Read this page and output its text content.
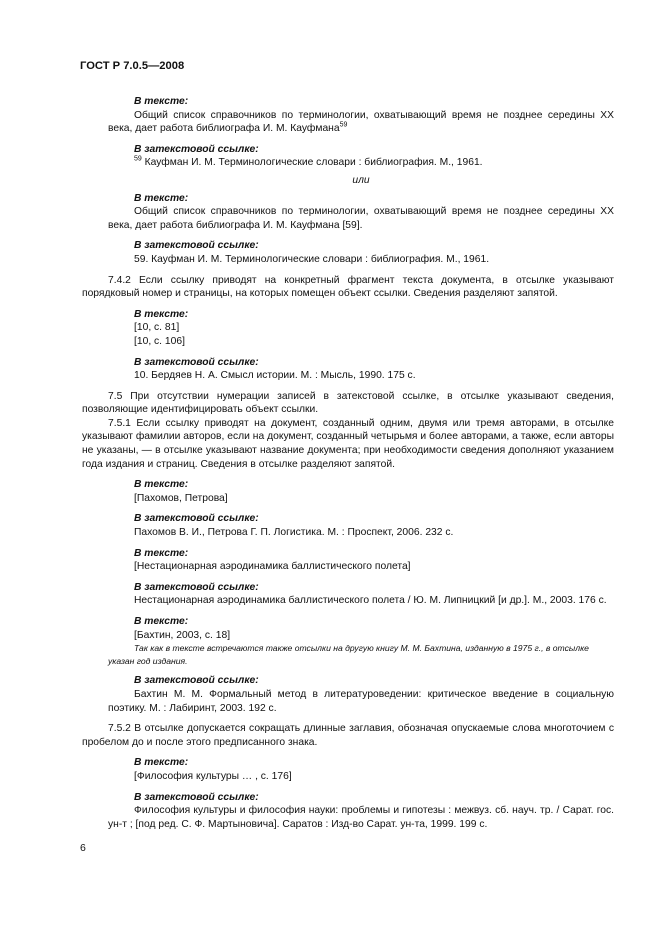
ГОСТ Р 7.0.5—2008

В тексте:

Общий список справочников по терминологии, охватывающий время не позднее середины XX века, дает работа библиографа И. М. Кауфмана$^{59}$

В затекстовой ссылке:

$^{59}$ Кауфман И. М. Терминологические словари : библиография. М., 1961.

или

В тексте:

Общий список справочников по терминологии, охватывающий время не позднее середины XX века, дает работа библиографа И. М. Кауфмана [59].

В затекстовой ссылке:

59. Кауфман И. М. Терминологические словари : библиография. М., 1961.

7.4.2 Если ссылку приводят на конкретный фрагмент текста документа, в отсылке указывают порядковый номер и страницы, на которых помещен объект ссылки. Сведения разделяют запятой.

В тексте:

[10, с. 81]

[10, с. 106]

В затекстовой ссылке:

10. Бердяев Н. А. Смысл истории. М. : Мысль, 1990. 175 с.

7.5 При отсутствии нумерации записей в затекстовой ссылке, в отсылке указывают сведения, позволяющие идентифицировать объект ссылки.

7.5.1 Если ссылку приводят на документ, созданный одним, двумя или тремя авторами, в отсылке указывают фамилии авторов, если на документ, созданный четырьмя и более авторами, а также, если авторы не указаны, — в отсылке указывают название документа; при необходимости сведения дополняют указанием года издания и страниц. Сведения в отсылке разделяют запятой.

В тексте:

[Пахомов, Петрова]

В затекстовой ссылке:

Пахомов В. И., Петрова Г. П. Логистика. М. : Проспект, 2006. 232 с.

В тексте:

[Нестационарная аэродинамика баллистического полета]

В затекстовой ссылке:

Нестационарная аэродинамика баллистического полета / Ю. М. Липницкий [и др.]. М., 2003. 176 с.

В тексте:

[Бахтин, 2003, с. 18]

Так как в тексте встречаются также отсылки на другую книгу М. М. Бахтина, изданную в 1975 г., в отсылке указан год издания.

В затекстовой ссылке:

Бахтин М. М. Формальный метод в литературоведении: критическое введение в социальную поэтику. М. : Лабиринт, 2003. 192 с.

7.5.2 В отсылке допускается сокращать длинные заглавия, обозначая опускаемые слова многоточием с пробелом до и после этого предписанного знака.

В тексте:

[Философия культуры … , с. 176]

В затекстовой ссылке:

Философия культуры и философия науки: проблемы и гипотезы : межвуз. сб. науч. тр. / Сарат. гос. ун-т ; [под ред. С. Ф. Мартыновича]. Саратов : Изд-во Сарат. ун-та, 1999. 199 с.

6
